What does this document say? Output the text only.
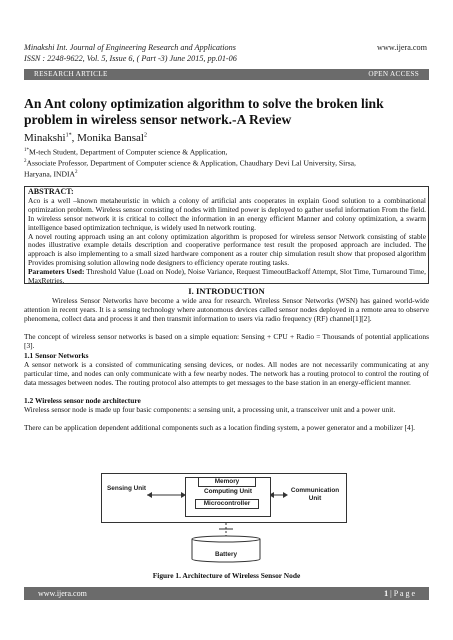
Minakshi Int. Journal of Engineering Research and Applications
ISSN : 2248-9622, Vol. 5, Issue 6, ( Part -3) June 2015, pp.01-06
www.ijera.com
RESEARCH ARTICLE	OPEN ACCESS
An Ant colony optimization algorithm to solve the broken link
problem in wireless sensor network.-A Review
Minakshi$^{1*}$, Monika Bansal$^2$
$^{1*}$M-tech Student, Department of Computer science & Application,
$^2$Associate Professor, Department of Computer science & Application, Chaudhary Devi Lal University, Sirsa,
Haryana, INDIA$^2$
ABSTRACT:
Aco is a well –known metaheuristic in which a colony of artificial ants cooperates in explain Good solution to a combinational optimization problem. Wireless sensor consisting of nodes with limited power is deployed to gather useful information From the field. In wireless sensor network it is critical to collect the information in an energy efficient Manner and colony optimization, a swarm intelligence based optimization technique, is widely used In network routing.
A novel routing approach using an ant colony optimization algorithm is proposed for wireless sensor Network consisting of stable nodes illustrative example details description and cooperative performance test result the proposed approach are included. The approach is also implementing to a small sized hardware component as a router chip simulation result show that proposed algorithm Provides promising solution allowing node designers to efficiency operate routing tasks.
Parameters Used: Threshold Value (Load on Node), Noise Variance, Request TimeoutBackoff Attempt, Slot Time, Turnaround Time, MaxRetries.
I. INTRODUCTION
Wireless Sensor Networks have become a wide area for research. Wireless Sensor Networks (WSN) has gained world-wide attention in recent years. It is a sensing technology where autonomous devices called sensor nodes deployed in a remote area to observe phenomena, collect data and process it and then transmit information to users via radio frequency (RF) channel[1][2].
The concept of wireless sensor networks is based on a simple equation: Sensing + CPU + Radio = Thousands of potential applications [3].
1.1 Sensor Networks
A sensor network is a consisted of communicating sensing devices, or nodes. All nodes are not necessarily communicating at any particular time, and nodes can only communicate with a few nearby nodes. The network has a routing protocol to control the routing of data messages between nodes. The routing protocol also attempts to get messages to the base station in an energy-efficient manner.
1.2 Wireless sensor node architecture
Wireless sensor node is made up four basic components: a sensing unit, a processing unit, a transceiver unit and a power unit.
There can be application dependent additional components such as a location finding system, a power generator and a mobilizer [4].
Sensing Unit
Memory
Computing Unit
Microcontroller
Communication Unit
Battery
Figure 1. Architecture of Wireless Sensor Node
www.ijera.com	1 | P a g e
